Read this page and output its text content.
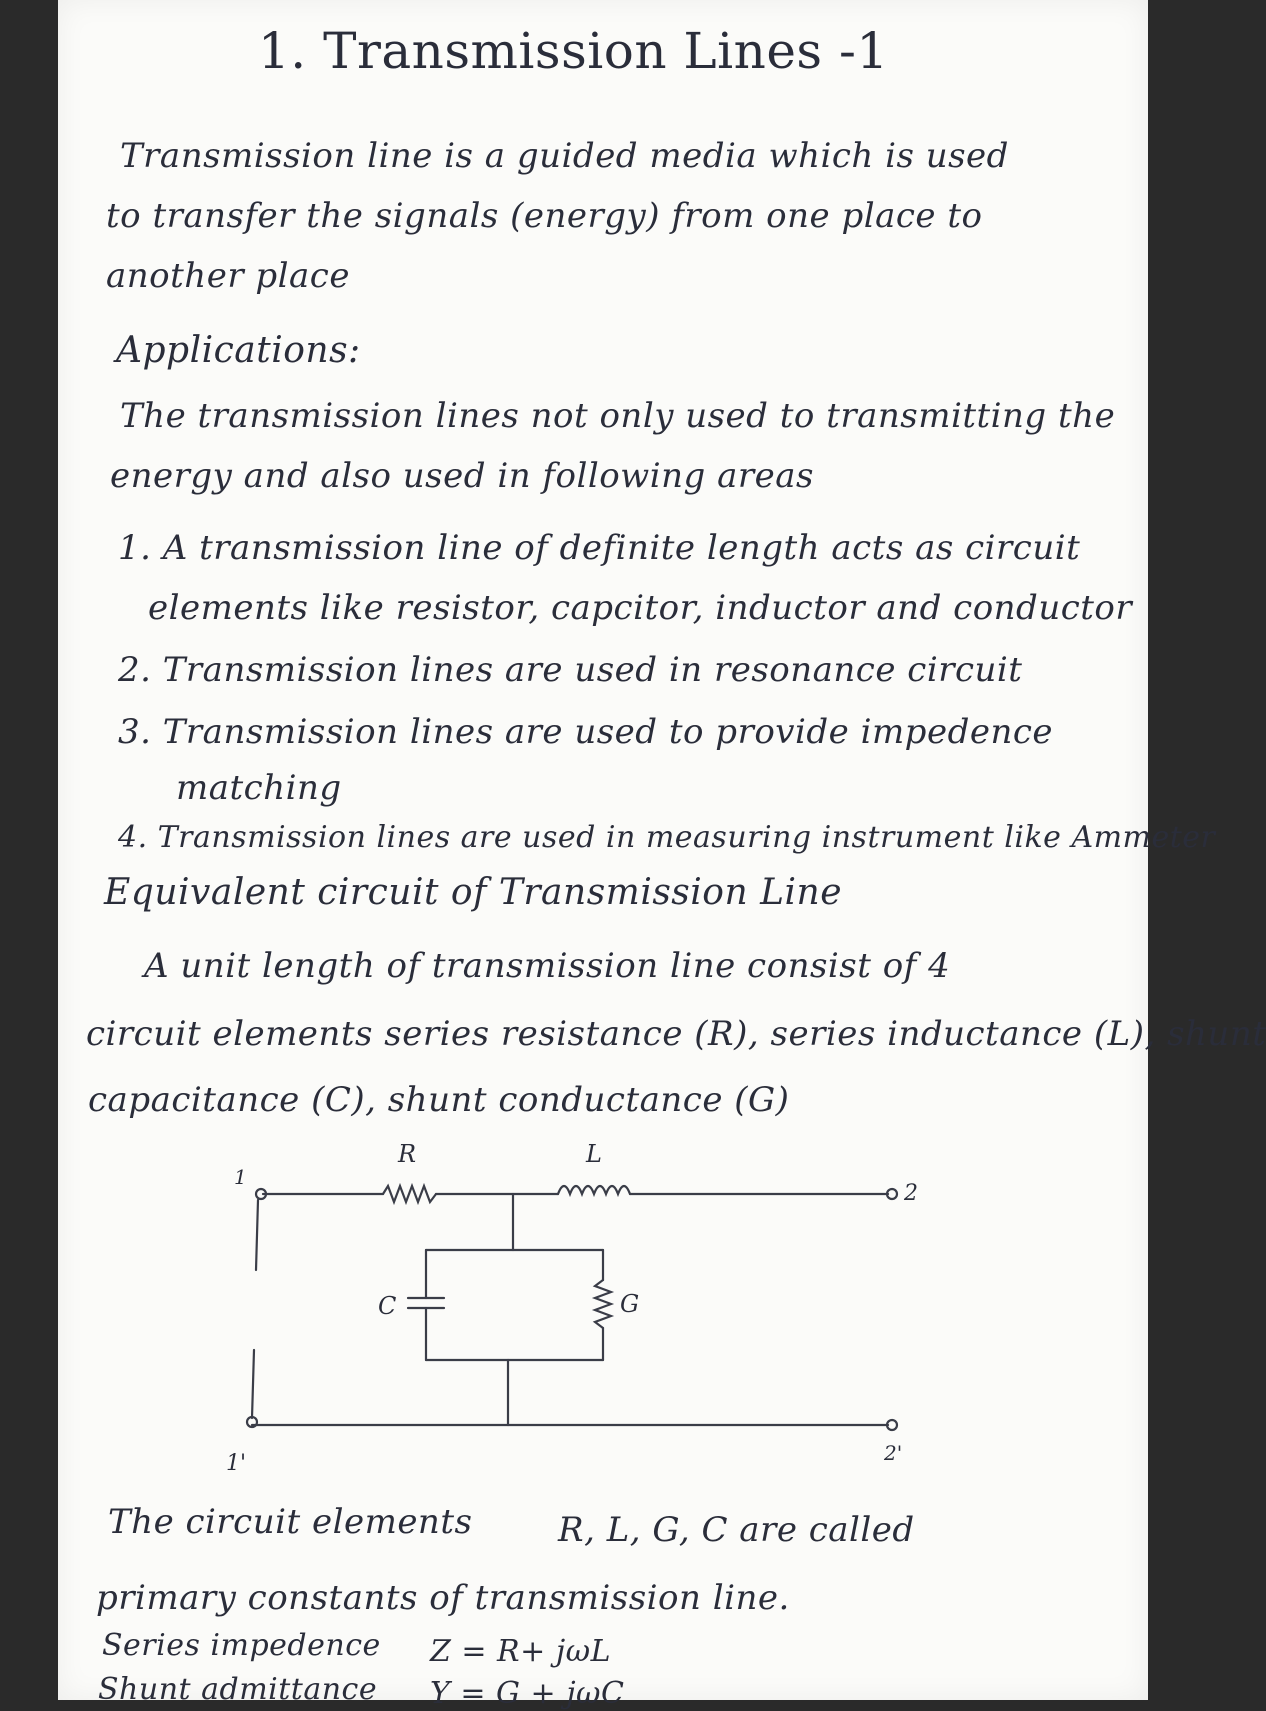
1. Transmission Lines -1
Transmission line is a guided media which is used
to transfer the signals (energy) from one place to
another place
Applications:
The transmission lines not only used to transmitting the
energy and also used in following areas
1. A transmission line of definite length acts as circuit
elements like resistor, capcitor, inductor and conductor
2. Transmission lines are used in resonance circuit
3. Transmission lines are used to provide impedence
matching
4. Transmission lines are used in measuring instrument like Ammeter
Equivalent circuit of Transmission Line
A unit length of transmission line consist of 4
circuit elements series resistance (R), series inductance (L), shunt
capacitance (C), shunt conductance (G)
R	L
C	G
1
1'
2
2'
The circuit elements	R, L, G, C are called
primary constants of transmission line.
Series impedence Z = R+ jωL
Shunt admittance Y = G + jωC
